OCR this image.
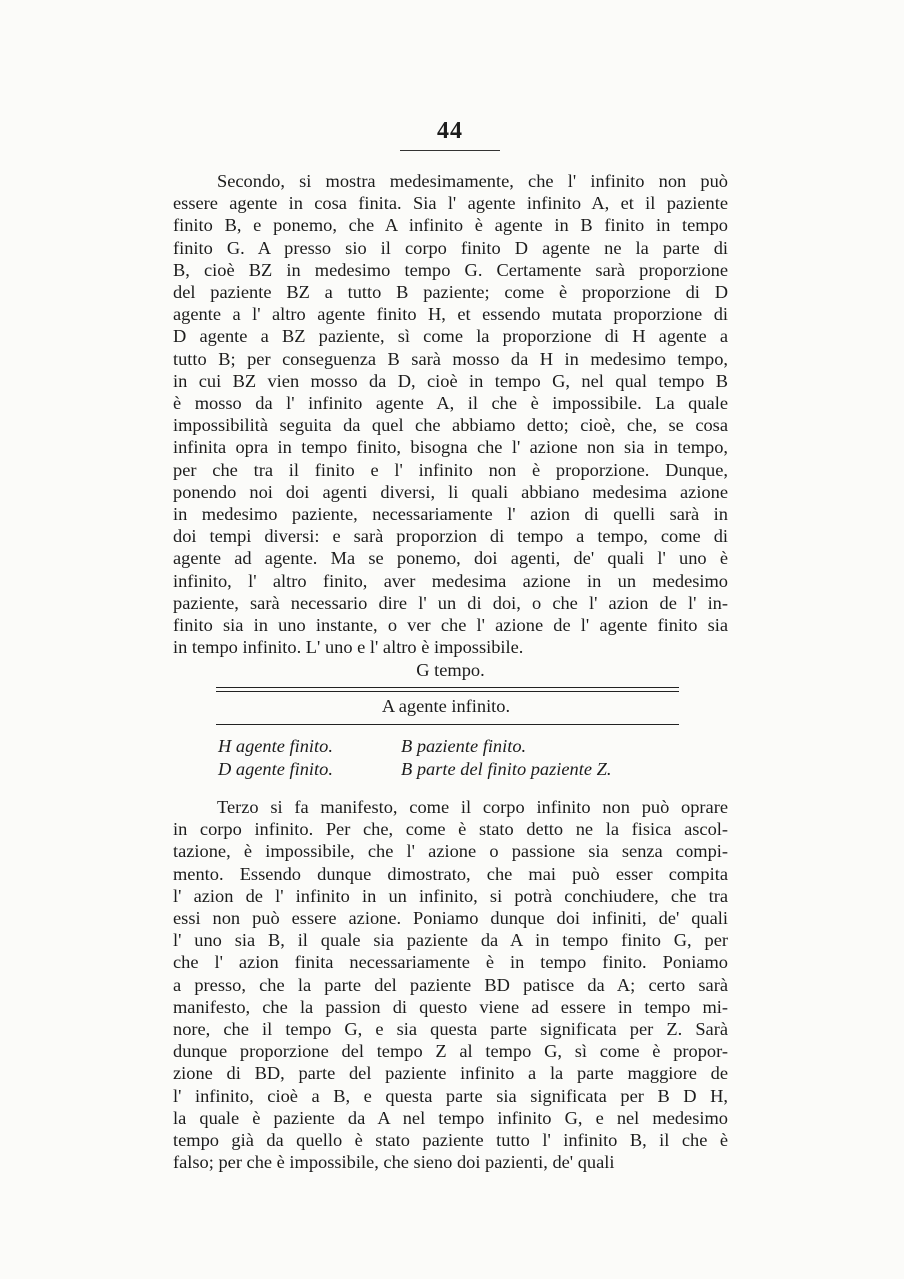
44
Secondo, si mostra medesimamente, che l' infinito non può
essere agente in cosa finita. Sia l' agente infinito A, et il paziente
finito B, e ponemo, che A infinito è agente in B finito in tempo
finito G. A presso sio il corpo finito D agente ne la parte di
B, cioè BZ in medesimo tempo G. Certamente sarà proporzione
del paziente BZ a tutto B paziente; come è proporzione di D
agente a l' altro agente finito H, et essendo mutata proporzione di
D agente a BZ paziente, sì come la proporzione di H agente a
tutto B; per conseguenza B sarà mosso da H in medesimo tempo,
in cui BZ vien mosso da D, cioè in tempo G, nel qual tempo B
è mosso da l' infinito agente A, il che è impossibile. La quale
impossibilità seguita da quel che abbiamo detto; cioè, che, se cosa
infinita opra in tempo finito, bisogna che l' azione non sia in tempo,
per che tra il finito e l' infinito non è proporzione. Dunque,
ponendo noi doi agenti diversi, li quali abbiano medesima azione
in medesimo paziente, necessariamente l' azion di quelli sarà in
doi tempi diversi: e sarà proporzion di tempo a tempo, come di
agente ad agente. Ma se ponemo, doi agenti, de' quali l' uno è
infinito, l' altro finito, aver medesima azione in un medesimo
paziente, sarà necessario dire l' un di doi, o che l' azion de l' in-
finito sia in uno instante, o ver che l' azione de l' agente finito sia
in tempo infinito. L' uno e l' altro è impossibile.
G tempo.
A agente infinito.
H agente finito.	B paziente finito.
D agente finito.	B parte del finito paziente Z.
Terzo si fa manifesto, come il corpo infinito non può oprare
in corpo infinito. Per che, come è stato detto ne la fisica ascol-
tazione, è impossibile, che l' azione o passione sia senza compi-
mento. Essendo dunque dimostrato, che mai può esser compita
l' azion de l' infinito in un infinito, si potrà conchiudere, che tra
essi non può essere azione. Poniamo dunque doi infiniti, de' quali
l' uno sia B, il quale sia paziente da A in tempo finito G, per
che l' azion finita necessariamente è in tempo finito. Poniamo
a presso, che la parte del paziente BD patisce da A; certo sarà
manifesto, che la passion di questo viene ad essere in tempo mi-
nore, che il tempo G, e sia questa parte significata per Z. Sarà
dunque proporzione del tempo Z al tempo G, sì come è propor-
zione di BD, parte del paziente infinito a la parte maggiore de
l' infinito, cioè a B, e questa parte sia significata per B D H,
la quale è paziente da A nel tempo infinito G, e nel medesimo
tempo già da quello è stato paziente tutto l' infinito B, il che è
falso; per che è impossibile, che sieno doi pazienti, de' quali
